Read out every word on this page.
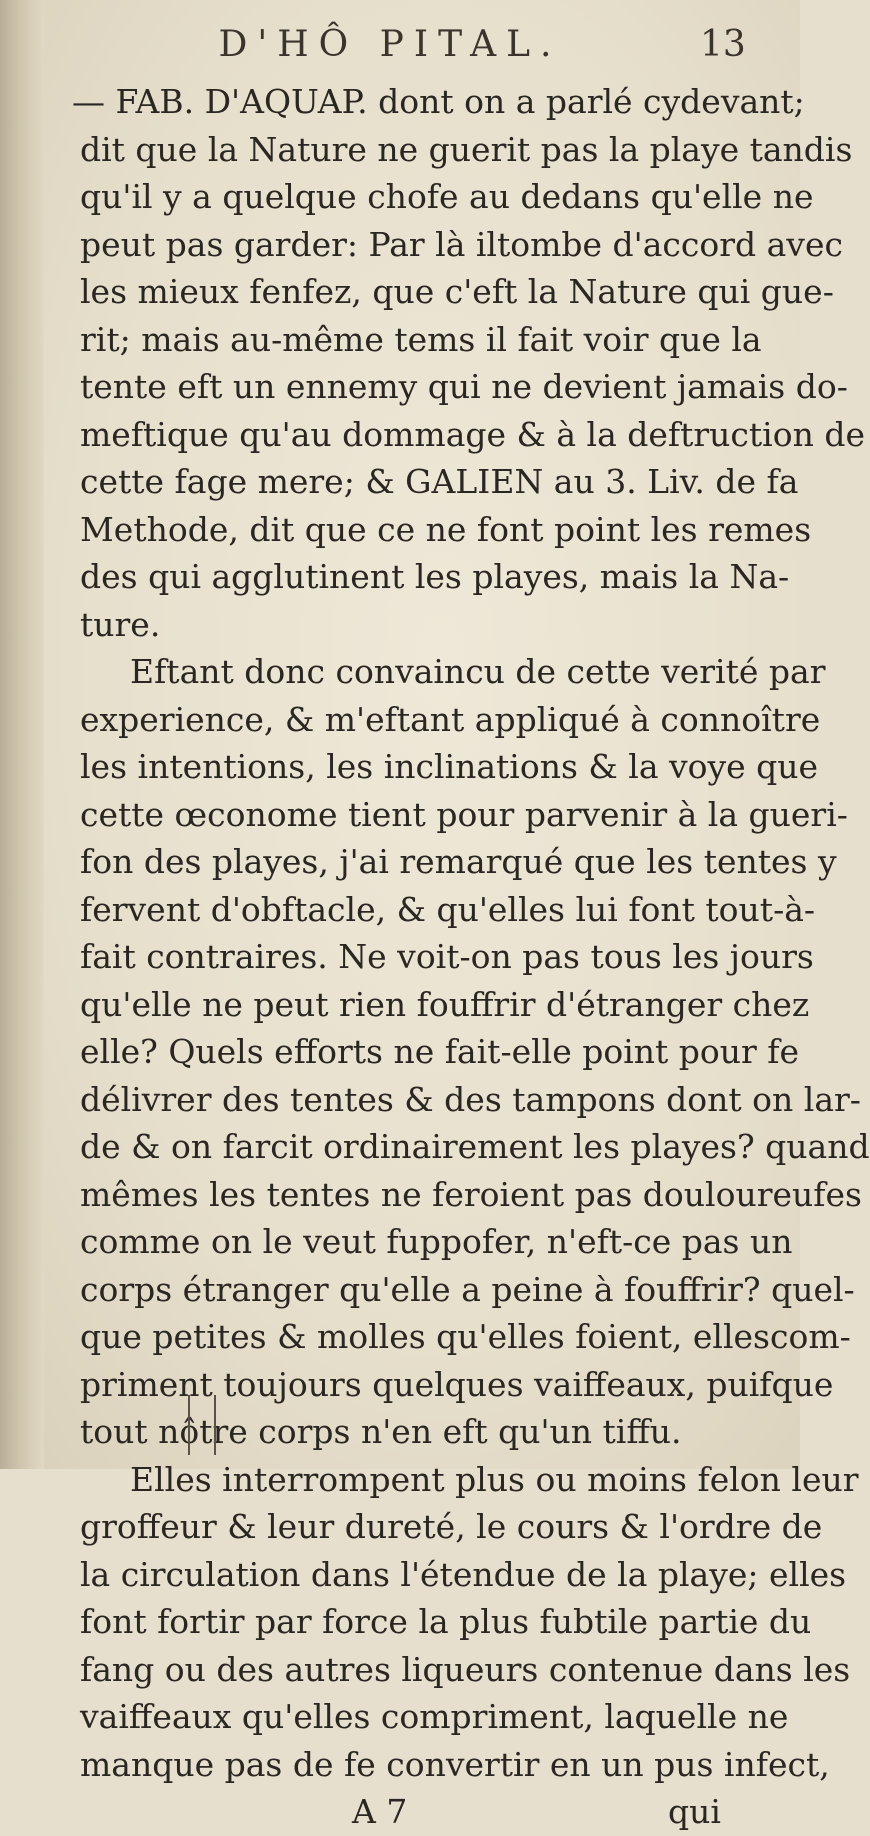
D'HÔ PITAL.	13
— FAB. D'AQUAP. dont on a parlé cydevant;
dit que la Nature ne guerit pas la playe tandis
qu'il y a quelque chofe au dedans qu'elle ne
peut pas garder: Par là iltombe d'accord avec
les mieux fenfez, que c'eft la Nature qui gue-
rit; mais au-même tems il fait voir que la
tente eft un ennemy qui ne devient jamais do-
meftique qu'au dommage & à la deftruction de
cette fage mere; & GALIEN au 3. Liv. de fa
Methode, dit que ce ne font point les remes
des qui agglutinent les playes, mais la Na-
ture.
Eftant donc convaincu de cette verité par
experience, & m'eftant appliqué à connoître
les intentions, les inclinations & la voye que
cette œconome tient pour parvenir à la gueri-
fon des playes, j'ai remarqué que les tentes y
fervent d'obftacle, & qu'elles lui font tout-à-
fait contraires. Ne voit-on pas tous les jours
qu'elle ne peut rien fouffrir d'étranger chez
elle? Quels efforts ne fait-elle point pour fe
délivrer des tentes & des tampons dont on lar-
de & on farcit ordinairement les playes? quand
mêmes les tentes ne feroient pas douloureufes
comme on le veut fuppofer, n'eft-ce pas un
corps étranger qu'elle a peine à fouffrir? quel-
que petites & molles qu'elles foient, ellescom-
priment toujours quelques vaiffeaux, puifque
tout nôtre corps n'en eft qu'un tiffu.
Elles interrompent plus ou moins felon leur
groffeur & leur dureté, le cours & l'ordre de
la circulation dans l'étendue de la playe; elles
font fortir par force la plus fubtile partie du
fang ou des autres liqueurs contenue dans les
vaiffeaux qu'elles compriment, laquelle ne
manque pas de fe convertir en un pus infect,
A 7	qui
